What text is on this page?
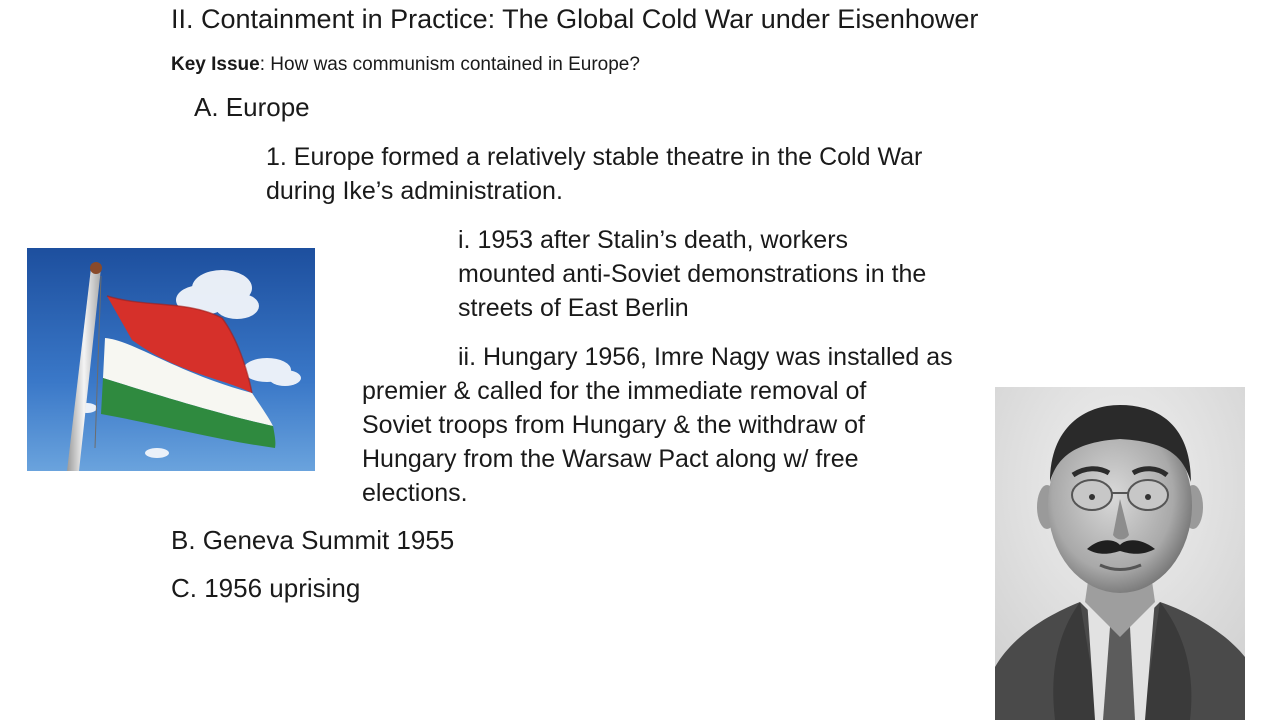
II. Containment in Practice: The Global Cold War under Eisenhower
Key Issue: How was communism contained in Europe?
A. Europe
1. Europe formed a relatively stable theatre in the Cold War
during Ike’s administration.
i. 1953 after Stalin’s death, workers
mounted anti-Soviet demonstrations in the
streets of East Berlin
ii. Hungary 1956, Imre Nagy was installed as
premier & called for the immediate removal of
Soviet troops from Hungary & the withdraw of
Hungary from the Warsaw Pact along w/ free
elections.
B. Geneva Summit 1955
C. 1956 uprising
